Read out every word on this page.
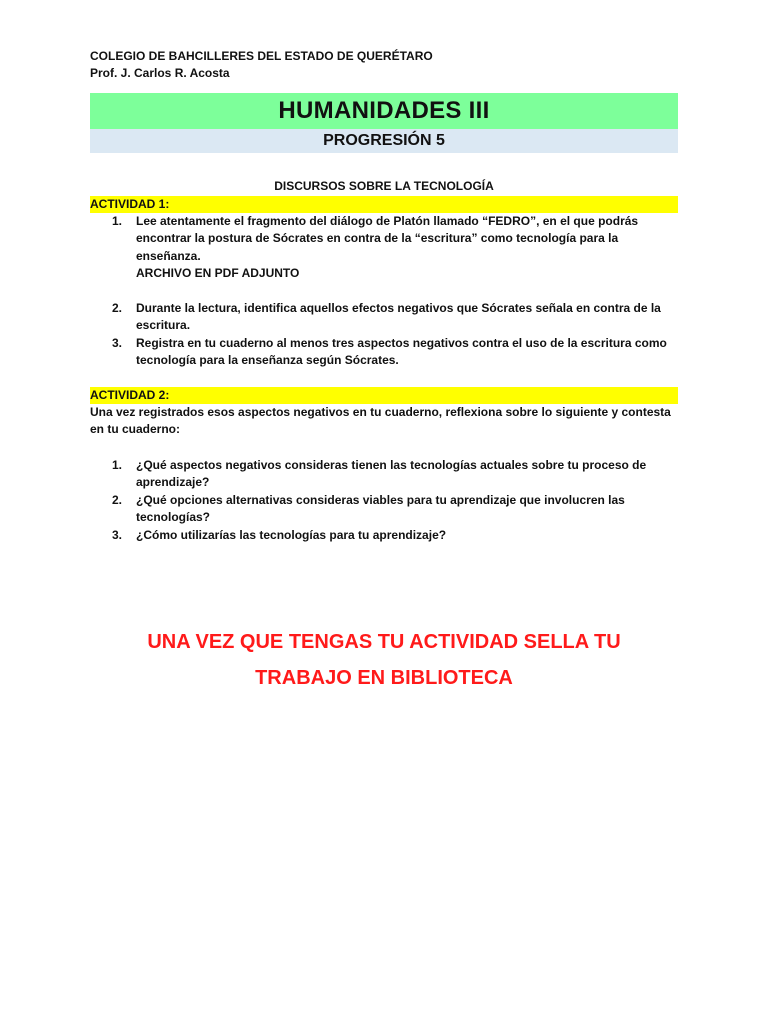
COLEGIO DE BAHCILLERES DEL ESTADO DE QUERÉTARO
Prof. J. Carlos R. Acosta
HUMANIDADES III
PROGRESIÓN 5
DISCURSOS SOBRE LA TECNOLOGÍA
ACTIVIDAD 1:
1. Lee atentamente el fragmento del diálogo de Platón llamado “FEDRO”, en el que podrás encontrar la postura de Sócrates en contra de la “escritura” como tecnología para la enseñanza.
ARCHIVO EN PDF ADJUNTO
2. Durante la lectura, identifica aquellos efectos negativos que Sócrates señala en contra de la escritura.
3. Registra en tu cuaderno al menos tres aspectos negativos contra el uso de la escritura como tecnología para la enseñanza según Sócrates.
ACTIVIDAD 2:
Una vez registrados esos aspectos negativos en tu cuaderno, reflexiona sobre lo siguiente y contesta en tu cuaderno:
1. ¿Qué aspectos negativos consideras tienen las tecnologías actuales sobre tu proceso de aprendizaje?
2. ¿Qué opciones alternativas consideras viables para tu aprendizaje que involucren las tecnologías?
3. ¿Cómo utilizarías las tecnologías para tu aprendizaje?
UNA VEZ QUE TENGAS TU ACTIVIDAD SELLA TU
TRABAJO EN BIBLIOTECA
